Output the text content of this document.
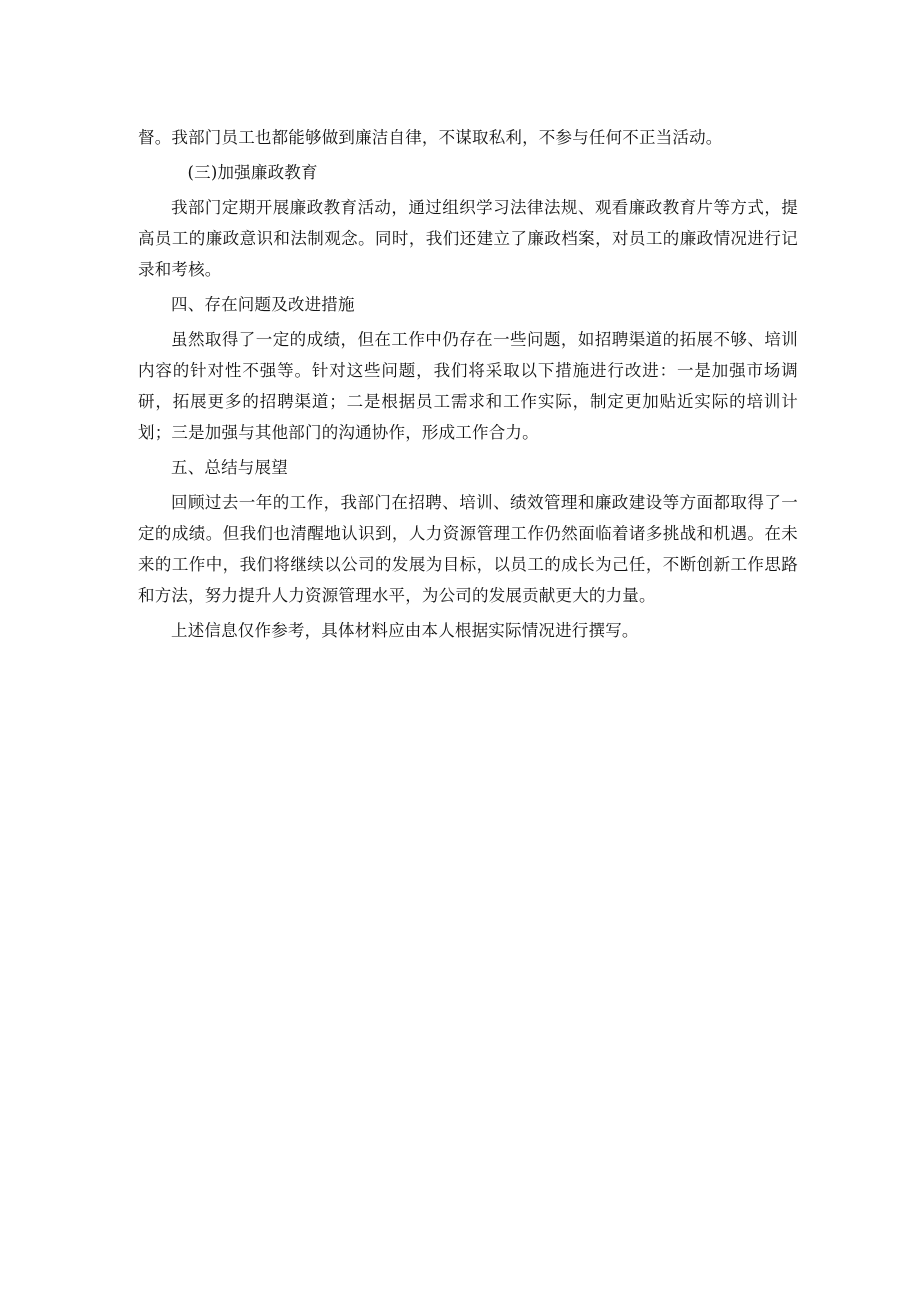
督。我部门员工也都能够做到廉洁自律，不谋取私利，不参与任何不正当活动。

(三)加强廉政教育

我部门定期开展廉政教育活动，通过组织学习法律法规、观看廉政教育片等方式，提高员工的廉政意识和法制观念。同时，我们还建立了廉政档案，对员工的廉政情况进行记录和考核。

四、存在问题及改进措施

虽然取得了一定的成绩，但在工作中仍存在一些问题，如招聘渠道的拓展不够、培训内容的针对性不强等。针对这些问题，我们将采取以下措施进行改进：一是加强市场调研，拓展更多的招聘渠道；二是根据员工需求和工作实际，制定更加贴近实际的培训计划；三是加强与其他部门的沟通协作，形成工作合力。

五、总结与展望

回顾过去一年的工作，我部门在招聘、培训、绩效管理和廉政建设等方面都取得了一定的成绩。但我们也清醒地认识到，人力资源管理工作仍然面临着诸多挑战和机遇。在未来的工作中，我们将继续以公司的发展为目标，以员工的成长为己任，不断创新工作思路和方法，努力提升人力资源管理水平，为公司的发展贡献更大的力量。

上述信息仅作参考，具体材料应由本人根据实际情况进行撰写。
